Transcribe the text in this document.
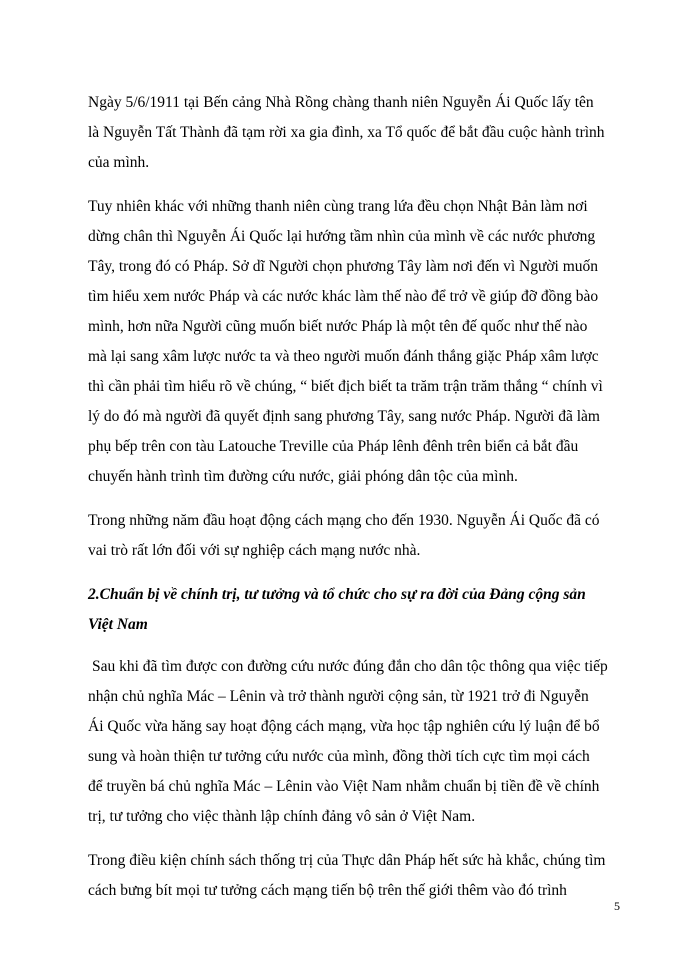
Ngày 5/6/1911 tại Bến cảng Nhà Rồng chàng thanh niên Nguyễn Ái Quốc lấy tên là Nguyễn Tất Thành đã tạm rời xa gia đình, xa Tổ quốc để bắt đầu cuộc hành trình của mình.

Tuy nhiên khác với những thanh niên cùng trang lứa đều chọn Nhật Bản làm nơi dừng chân thì Nguyễn Ái Quốc lại hướng tầm nhìn của mình về các nước phương Tây, trong đó có Pháp. Sở dĩ Người chọn phương Tây làm nơi đến vì Người muốn tìm hiểu xem nước Pháp và các nước khác làm thế nào để trở về giúp đỡ đồng bào mình, hơn nữa Người cũng muốn biết nước Pháp là một tên đế quốc như thế nào mà lại sang xâm lược nước ta và theo người muốn đánh thắng giặc Pháp xâm lược thì cần phải tìm hiểu rõ về chúng, “ biết địch biết ta trăm trận trăm thắng “ chính vì lý do đó mà người đã quyết định sang phương Tây, sang nước Pháp. Người đã làm phụ bếp trên con tàu Latouche Treville của Pháp lênh đênh trên biển cả bắt đầu chuyến hành trình tìm đường cứu nước, giải phóng dân tộc của mình.

Trong những năm đầu hoạt động cách mạng cho đến 1930. Nguyễn Ái Quốc đã có vai trò rất lớn đối với sự nghiệp cách mạng nước nhà.

2.Chuẩn bị về chính trị, tư tưởng và tổ chức cho sự ra đời của Đảng cộng sản Việt Nam

Sau khi đã tìm được con đường cứu nước đúng đắn cho dân tộc thông qua việc tiếp nhận chủ nghĩa Mác – Lênin và trở thành người cộng sản, từ 1921 trở đi Nguyễn Ái Quốc vừa hăng say hoạt động cách mạng, vừa học tập nghiên cứu lý luận để bổ sung và hoàn thiện tư tưởng cứu nước của mình, đồng thời tích cực tìm mọi cách để truyền bá chủ nghĩa Mác – Lênin vào Việt Nam nhằm chuẩn bị tiền đề về chính trị, tư tưởng cho việc thành lập chính đảng vô sản ở Việt Nam.

Trong điều kiện chính sách thống trị của Thực dân Pháp hết sức hà khắc, chúng tìm cách bưng bít mọi tư tưởng cách mạng tiến bộ trên thế giới thêm vào đó trình

5
